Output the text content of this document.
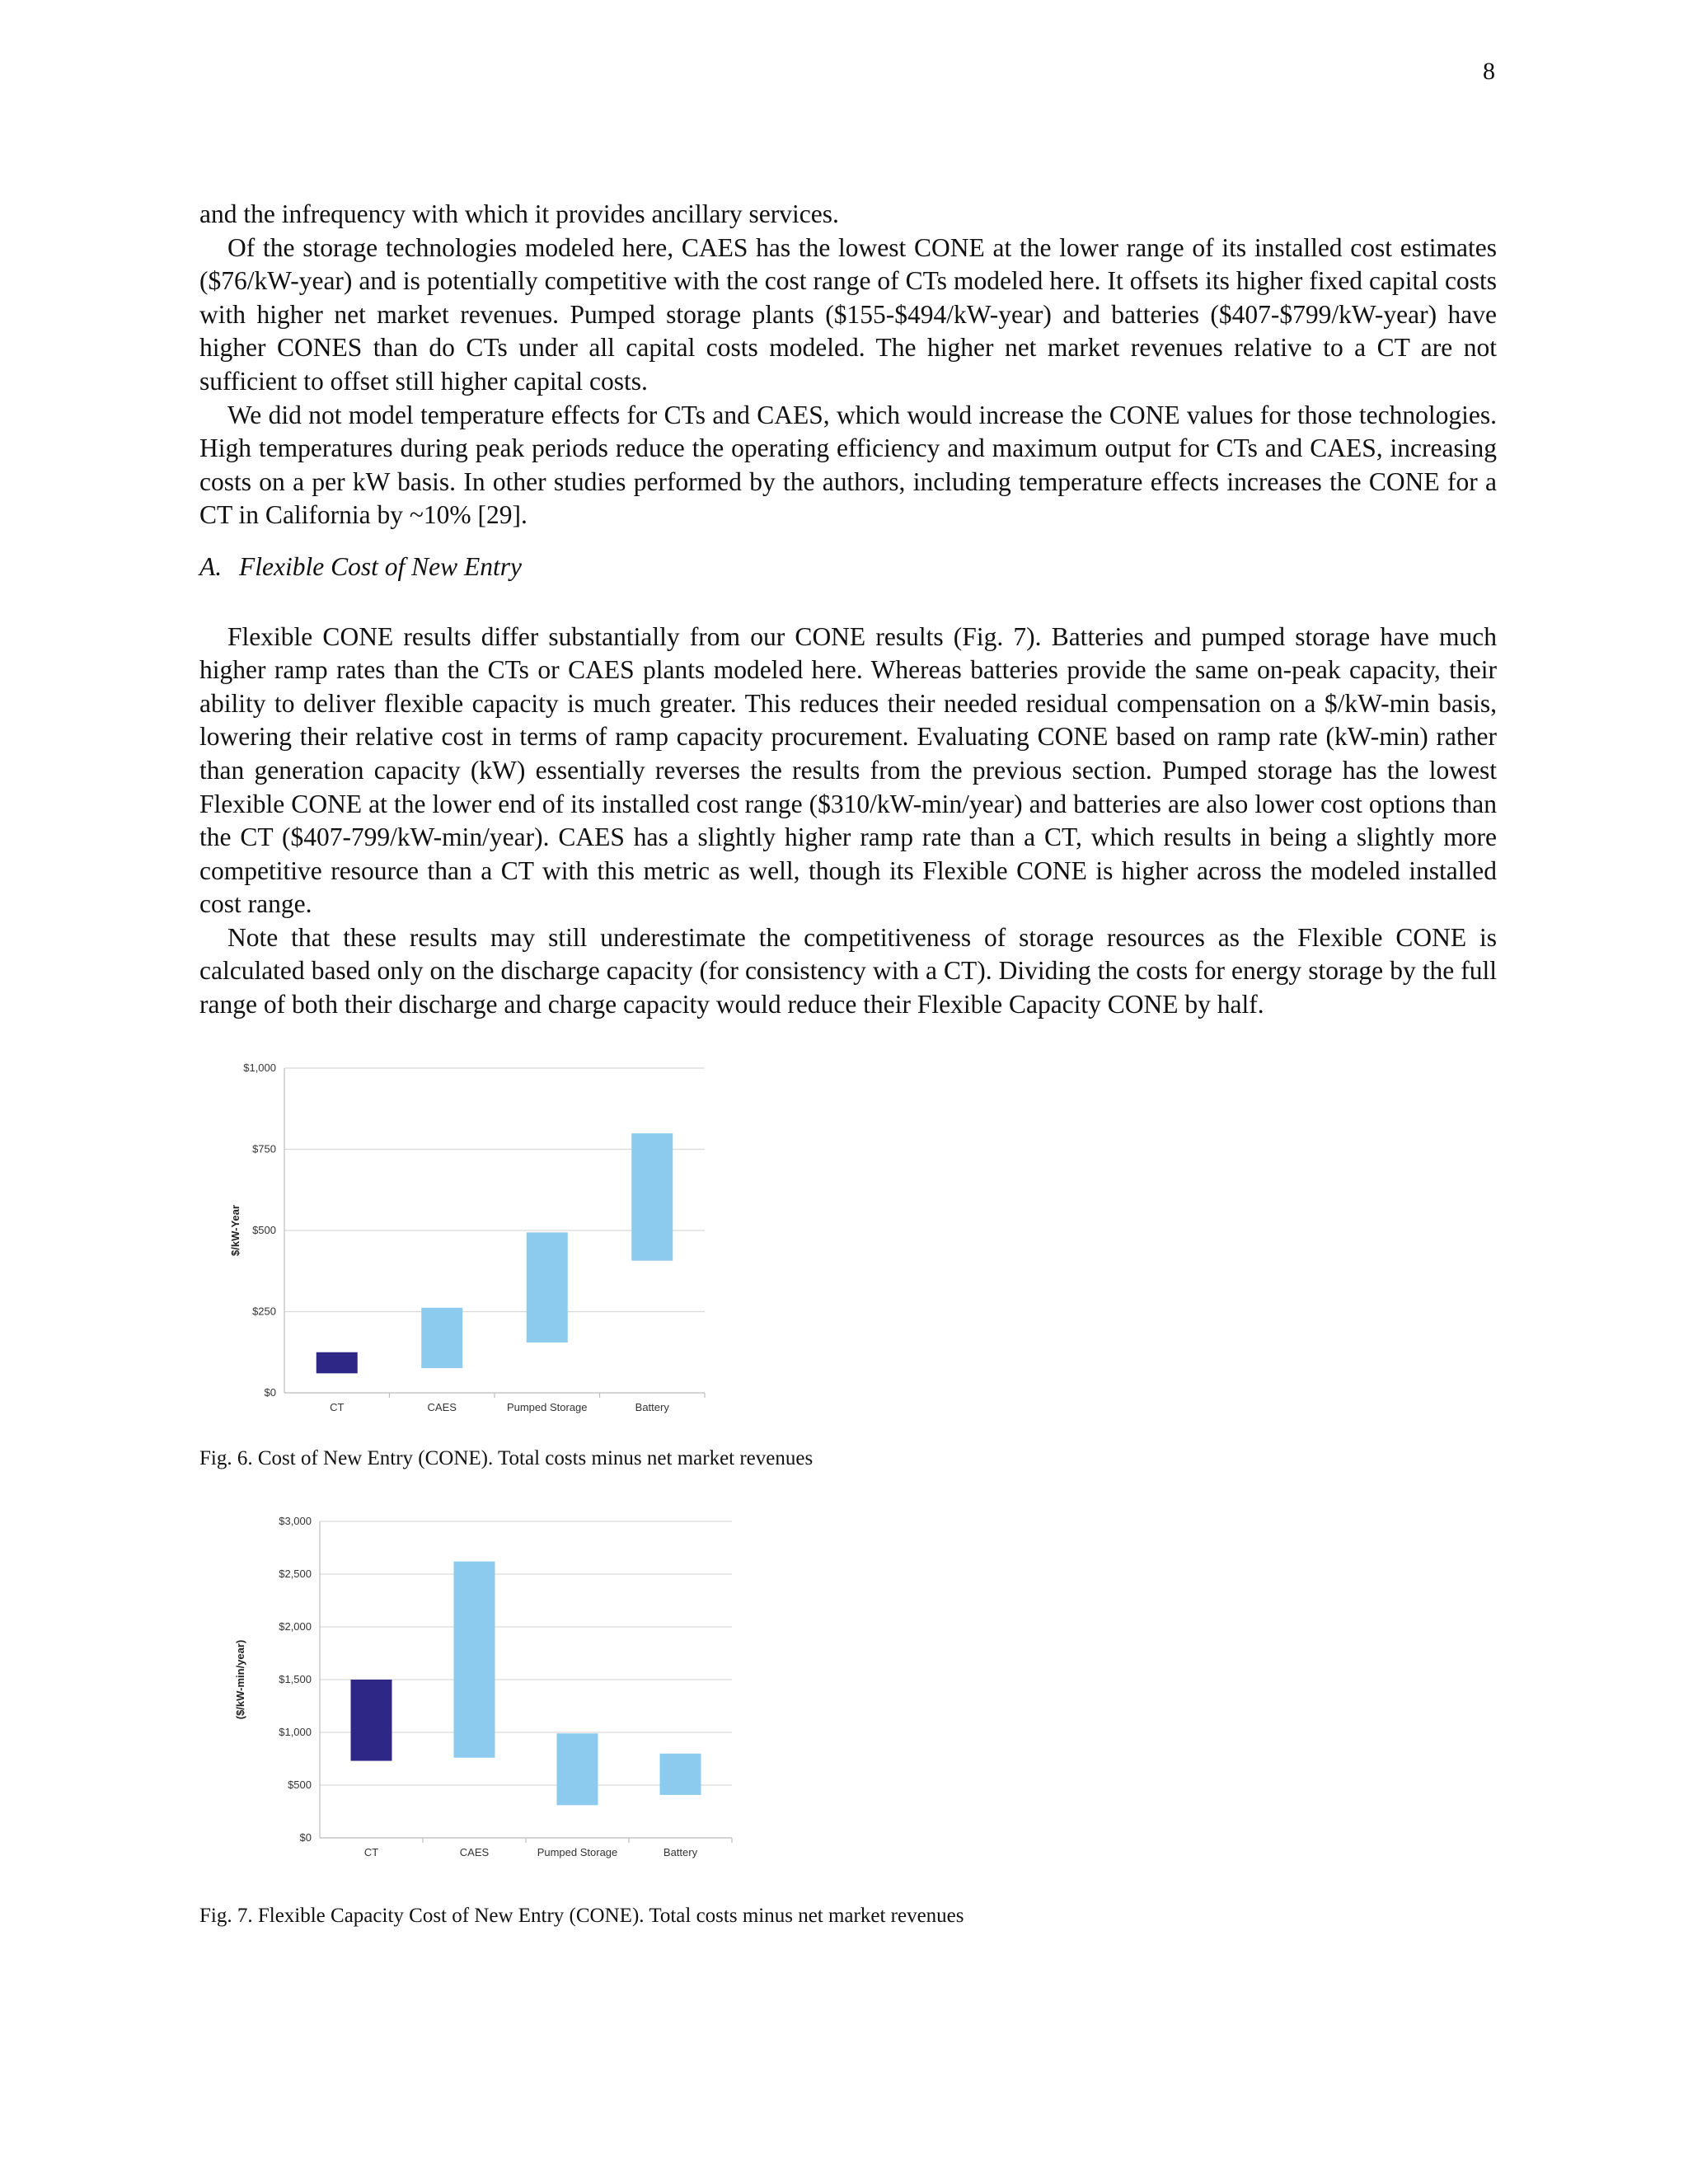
8

and the infrequency with which it provides ancillary services.

Of the storage technologies modeled here, CAES has the lowest CONE at the lower range of its installed cost estimates ($76/kW-year) and is potentially competitive with the cost range of CTs modeled here. It offsets its higher fixed capital costs with higher net market revenues. Pumped storage plants ($155-$494/kW-year) and batteries ($407-$799/kW-year) have higher CONES than do CTs under all capital costs modeled. The higher net market revenues relative to a CT are not sufficient to offset still higher capital costs.

We did not model temperature effects for CTs and CAES, which would increase the CONE values for those technologies. High temperatures during peak periods reduce the operating efficiency and maximum output for CTs and CAES, increasing costs on a per kW basis. In other studies performed by the authors, including temperature effects increases the CONE for a CT in California by ~10% [29].

A. Flexible Cost of New Entry

Flexible CONE results differ substantially from our CONE results (Fig. 7). Batteries and pumped storage have much higher ramp rates than the CTs or CAES plants modeled here. Whereas batteries provide the same on-peak capacity, their ability to deliver flexible capacity is much greater. This reduces their needed residual compensation on a $/kW-min basis, lowering their relative cost in terms of ramp capacity procurement. Evaluating CONE based on ramp rate (kW-min) rather than generation capacity (kW) essentially reverses the results from the previous section. Pumped storage has the lowest Flexible CONE at the lower end of its installed cost range ($310/kW-min/year) and batteries are also lower cost options than the CT ($407-799/kW-min/year). CAES has a slightly higher ramp rate than a CT, which results in being a slightly more competitive resource than a CT with this metric as well, though its Flexible CONE is higher across the modeled installed cost range.

Note that these results may still underestimate the competitiveness of storage resources as the Flexible CONE is calculated based only on the discharge capacity (for consistency with a CT). Dividing the costs for energy storage by the full range of both their discharge and charge capacity would reduce their Flexible Capacity CONE by half.

$0
$250
$500
$750
$1,000
$/kW-Year
CT	CAES	Pumped Storage	Battery
Fig. 6. Cost of New Entry (CONE). Total costs minus net market revenues
$0
$500
$1,000
$1,500
$2,000
$2,500
$3,000
($/kW-min/year)
CT	CAES	Pumped Storage	Battery
Fig. 7. Flexible Capacity Cost of New Entry (CONE). Total costs minus net market revenues
